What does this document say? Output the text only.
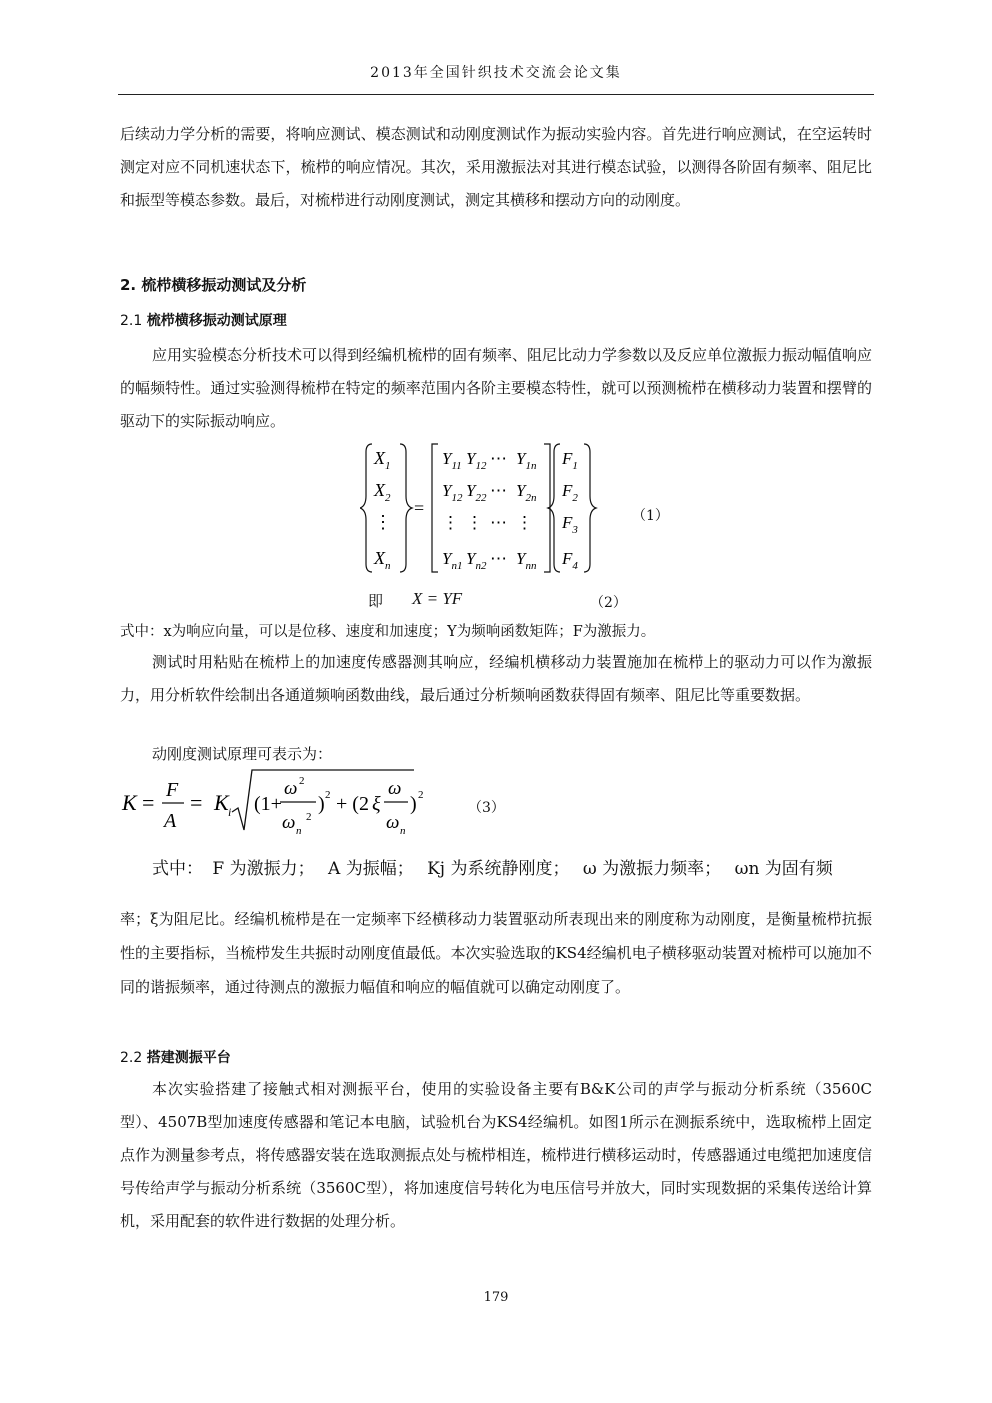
2013年全国针织技术交流会论文集
后续动力学分析的需要，将响应测试、模态测试和动刚度测试作为振动实验内容。首先进行响应测试，在空运转时测定对应不同机速状态下，梳栉的响应情况。其次，采用激振法对其进行模态试验，以测得各阶固有频率、阻尼比和振型等模态参数。最后，对梳栉进行动刚度测试，测定其横移和摆动方向的动刚度。
2. 梳栉横移振动测试及分析
2.1 梳栉横移振动测试原理
应用实验模态分析技术可以得到经编机梳栉的固有频率、阻尼比动力学参数以及反应单位激振力振动幅值响应的幅频特性。通过实验测得梳栉在特定的频率范围内各阶主要模态特性，就可以预测梳栉在横移动力装置和摆臂的驱动下的实际振动响应。
$X_1$
$X_2$
⋮
$X_n$
=
$Y_{11}$ $Y_{12}$ ⋯ $Y_{1n}$
$Y_{12}$ $Y_{22}$ ⋯ $Y_{2n}$
⋮ ⋮ ⋯ ⋮
$Y_{n1}$ $Y_{n2}$ ⋯ $Y_{nn}$
$F_1$
$F_2$
$F_3$
$F_4$
（1）
即 X = YF	（2）
式中：x为响应向量，可以是位移、速度和加速度；Y为频响函数矩阵；F为激振力。
测试时用粘贴在梳栉上的加速度传感器测其响应，经编机横移动力装置施加在梳栉上的驱动力可以作为激振力，用分析软件绘制出各通道频响函数曲线，最后通过分析频响函数获得固有频率、阻尼比等重要数据。
动刚度测试原理可表示为：
K = F
A
= K i (1+
ω 2
ω n
2
) 2 + (2 ξ
ω
ω n
) 2
（3）
式中： F 为激振力； A 为振幅； Kj 为系统静刚度； ω 为激振力频率； ωn 为固有频
率；ξ为阻尼比。经编机梳栉是在一定频率下经横移动力装置驱动所表现出来的刚度称为动刚度，是衡量梳栉抗振性的主要指标，当梳栉发生共振时动刚度值最低。本次实验选取的KS4经编机电子横移驱动装置对梳栉可以施加不同的谐振频率，通过待测点的激振力幅值和响应的幅值就可以确定动刚度了。
2.2 搭建测振平台
本次实验搭建了接触式相对测振平台，使用的实验设备主要有B&K公司的声学与振动分析系统（3560C型）、4507B型加速度传感器和笔记本电脑，试验机台为KS4经编机。如图1所示在测振系统中，选取梳栉上固定点作为测量参考点，将传感器安装在选取测振点处与梳栉相连，梳栉进行横移运动时，传感器通过电缆把加速度信号传给声学与振动分析系统（3560C型），将加速度信号转化为电压信号并放大，同时实现数据的采集传送给计算机，采用配套的软件进行数据的处理分析。
179
